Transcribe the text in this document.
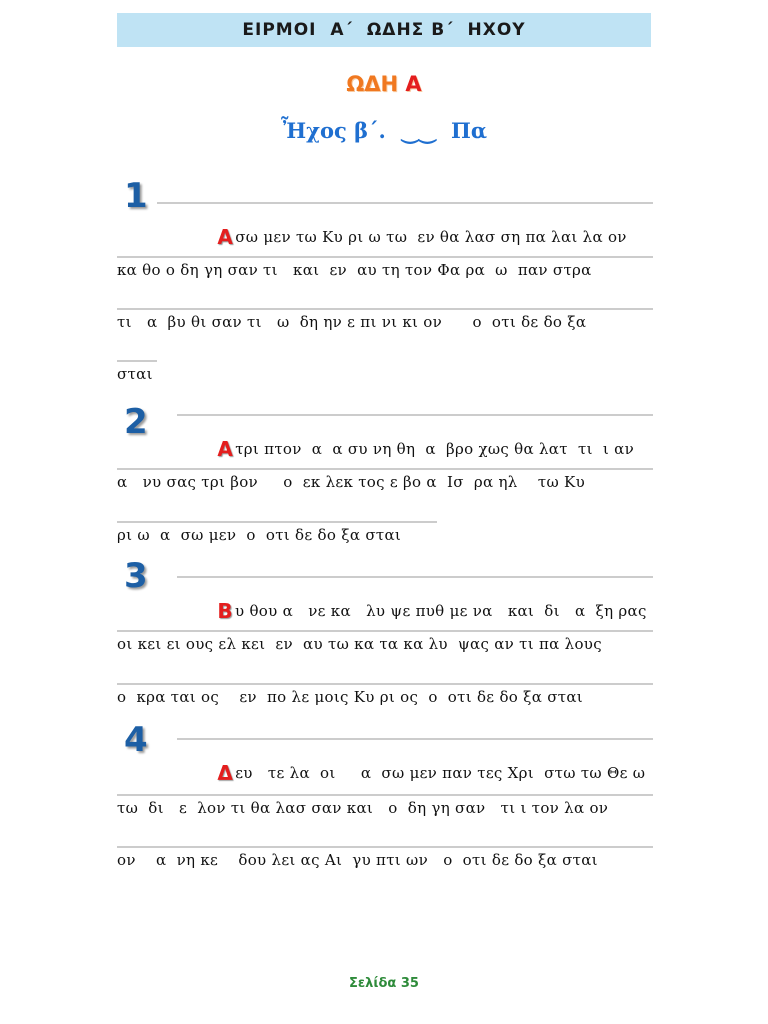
ΕΙΡΜΟΙ  Α΄  ΩΔΗΣ Β΄  ΗΧΟΥ
ΩΔΗ Α
Ἦχος β΄. ⏝⏝ Πα
1

Α σω μεν τω Κυ ρι ω τω  εν θα λασ ση πα λαι λα ον

κα θο ο δη γη σαν τι   και  εν  αυ τη τον Φα ρα  ω  παν στρα
τι   α  βυ θι σαν τι   ω  δη ην ε πι νι κι ον      ο  οτι δε δο ξα
σται
2

Α τρι πτον  α  α συ νη θη  α  βρο χως θα λατ  τι  ι αν

α   νυ σας τρι βον     ο  εκ λεκ τος ε βο α  Ισ  ρα ηλ    τω Κυ
ρι ω  α  σω μεν  ο  οτι δε δο ξα σται
3

Β υ θου α   νε κα   λυ ψε πυθ με να   και  δι   α  ξη ρας

οι κει ει ους ελ κει  εν  αυ τω κα τα κα λυ  ψας αν τι πα λους
ο  κρα ται ος    εν  πο λε μοις Κυ ρι ος  ο  οτι δε δο ξα σται
4

Δ ευ   τε λα  οι     α  σω μεν παν τες Χρι  στω τω Θε ω

τω  δι   ε  λον τι θα λασ σαν και   ο  δη γη σαν   τι ι τον λα ον
ον    α  νη κε    δου λει ας Αι  γυ πτι ων   ο  οτι δε δο ξα σται
Σελίδα 35
